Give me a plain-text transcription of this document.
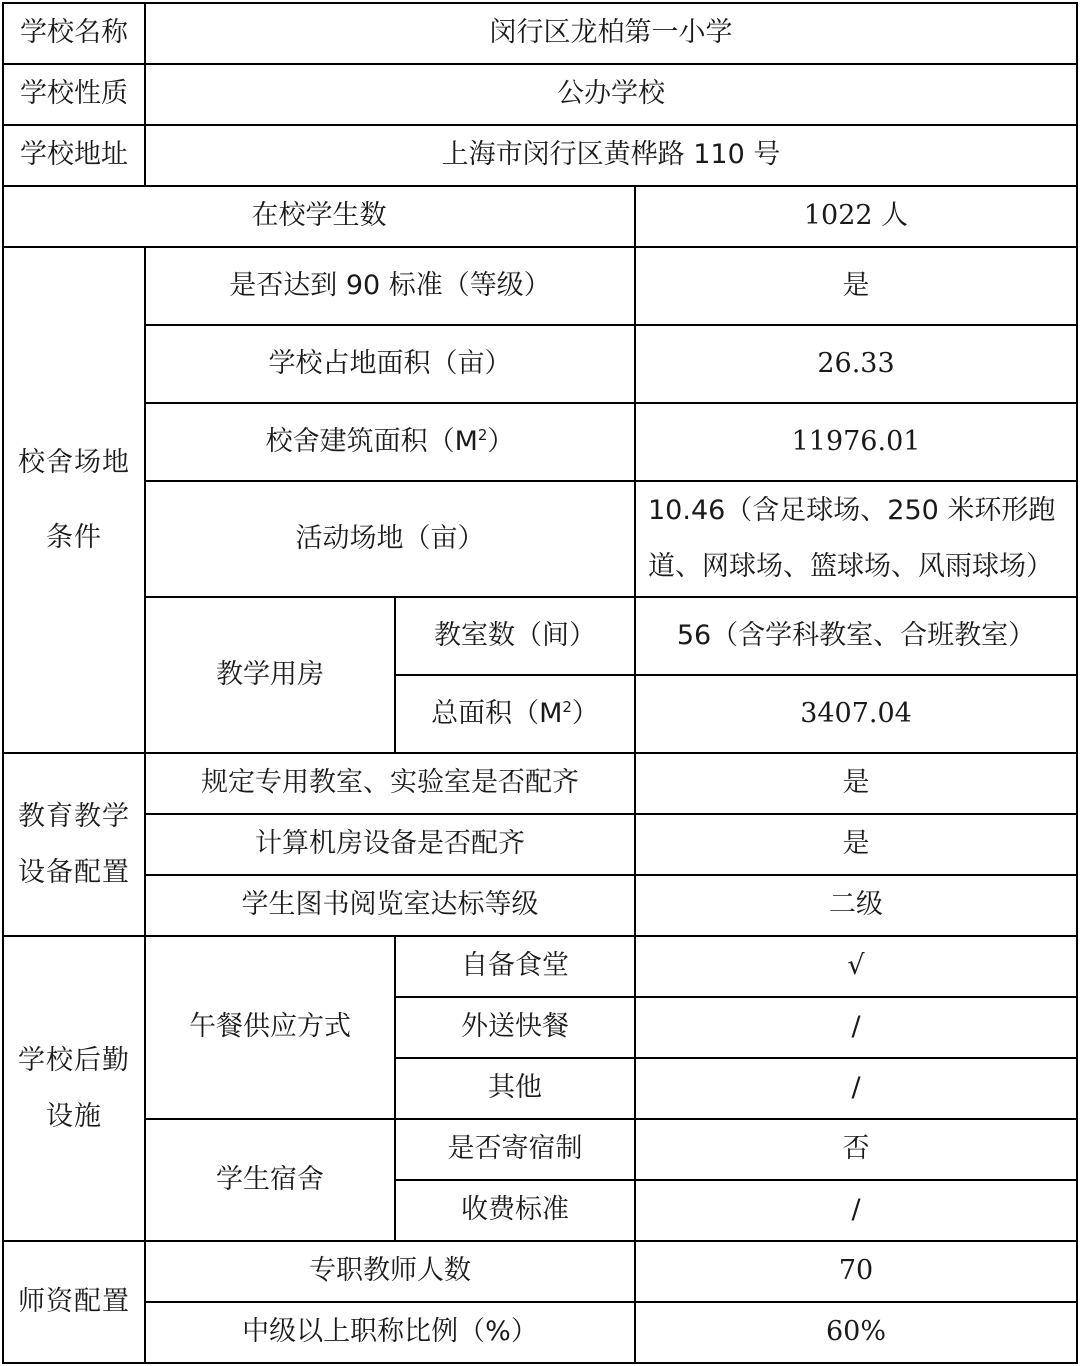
学校名称	闵行区龙柏第一小学		
学校性质	公办学校		
学校地址	上海市闵行区黄桦路 110 号		
在校学生数			1022 人

校舍场地条件	是否达到 90 标准（等级）		是
	学校占地面积（亩）		26.33
	校舍建筑面积$(M^2)$		11976.01
	活动场地（亩）		10.46（含足球场、250 米环形跑道、网球场、篮球场、风雨球场）
	教学用房	教室数（间）	56（含学科教室、合班教室）
		总面积$(M^2)$	3407.04

教育教学设备配置	规定专用教室、实验室是否配齐		是
	计算机房设备是否配齐		是
	学生图书阅览室达标等级		二级

学校后勤设施	午餐供应方式	自备食堂	√
		外送快餐	/
		其他	/
	学生宿舍	是否寄宿制	否
		收费标准	/

师资配置	专职教师人数		70
	中级以上职称比例（%）		60%
